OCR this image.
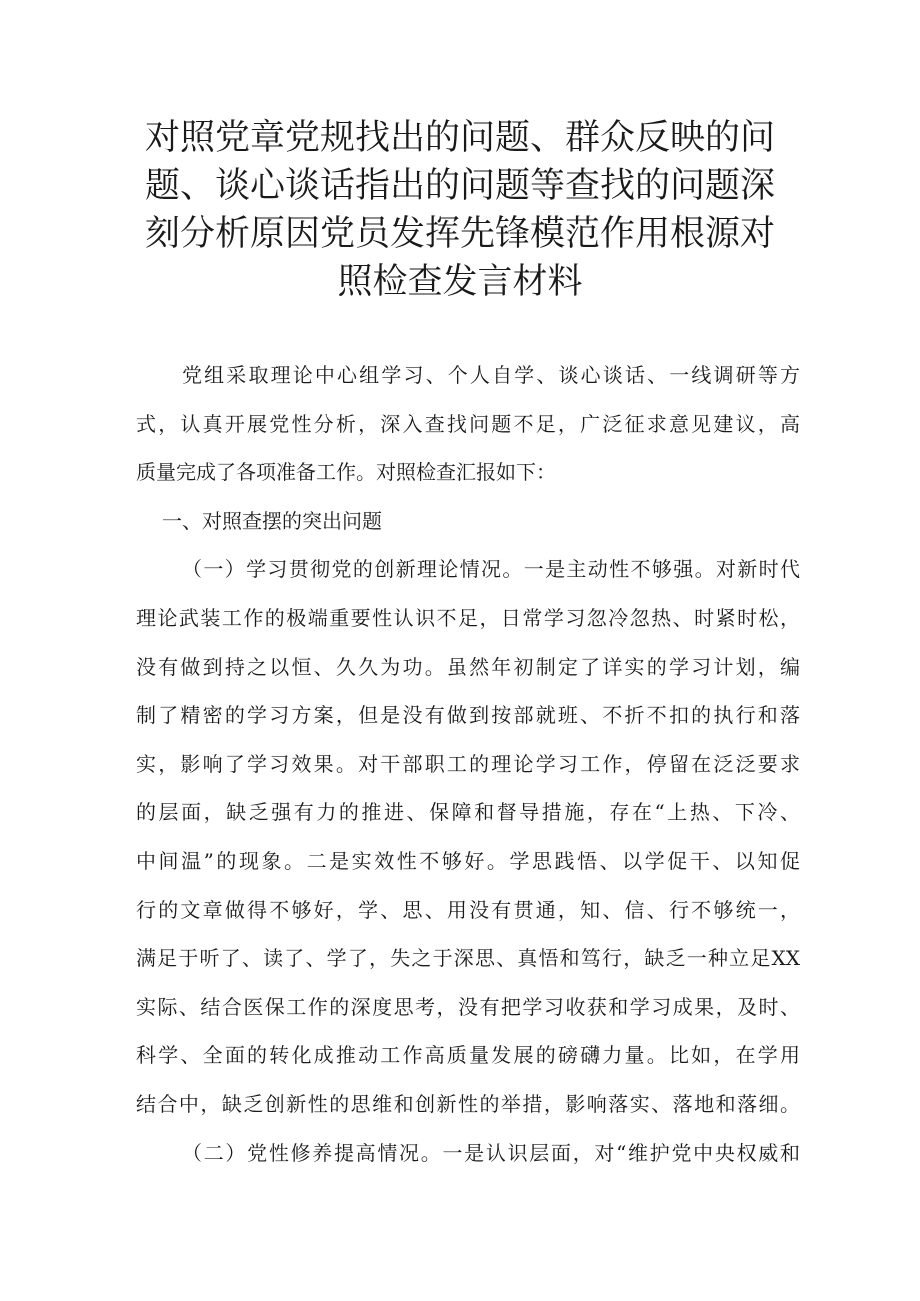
对照党章党规找出的问题、群众反映的问
题、谈心谈话指出的问题等查找的问题深
刻分析原因党员发挥先锋模范作用根源对
照检查发言材料
党组采取理论中心组学习、个人自学、谈心谈话、一线调研等方
式，认真开展党性分析，深入查找问题不足，广泛征求意见建议，高
质量完成了各项准备工作。对照检查汇报如下：
一、对照查摆的突出问题
（一）学习贯彻党的创新理论情况。一是主动性不够强。对新时代
理论武装工作的极端重要性认识不足，日常学习忽冷忽热、时紧时松，
没有做到持之以恒、久久为功。虽然年初制定了详实的学习计划，编
制了精密的学习方案，但是没有做到按部就班、不折不扣的执行和落
实，影响了学习效果。对干部职工的理论学习工作，停留在泛泛要求
的层面，缺乏强有力的推进、保障和督导措施，存在“上热、下冷、
中间温”的现象。二是实效性不够好。学思践悟、以学促干、以知促
行的文章做得不够好，学、思、用没有贯通，知、信、行不够统一，
满足于听了、读了、学了，失之于深思、真悟和笃行，缺乏一种立足XX
实际、结合医保工作的深度思考，没有把学习收获和学习成果，及时、
科学、全面的转化成推动工作高质量发展的磅礴力量。比如，在学用
结合中，缺乏创新性的思维和创新性的举措，影响落实、落地和落细。
（二）党性修养提高情况。一是认识层面，对“维护党中央权威和
